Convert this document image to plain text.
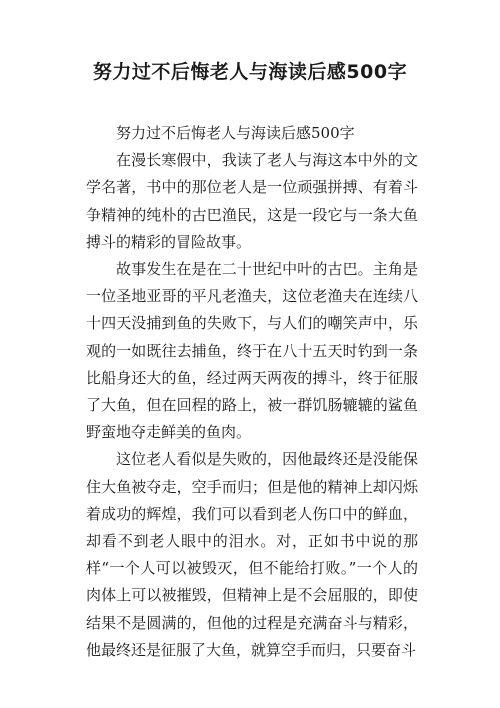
努力过不后悔老人与海读后感500字

努力过不后悔老人与海读后感500字

在漫长寒假中，我读了老人与海这本中外的文学名著，书中的那位老人是一位顽强拼搏、有着斗争精神的纯朴的古巴渔民，这是一段它与一条大鱼搏斗的精彩的冒险故事。

故事发生在是在二十世纪中叶的古巴。主角是一位圣地亚哥的平凡老渔夫，这位老渔夫在连续八十四天没捕到鱼的失败下，与人们的嘲笑声中，乐观的一如既往去捕鱼，终于在八十五天时钓到一条比船身还大的鱼，经过两天两夜的搏斗，终于征服了大鱼，但在回程的路上，被一群饥肠辘辘的鲨鱼野蛮地夺走鲜美的鱼肉。

这位老人看似是失败的，因他最终还是没能保住大鱼被夺走，空手而归；但是他的精神上却闪烁着成功的辉煌，我们可以看到老人伤口中的鲜血，却看不到老人眼中的泪水。对，正如书中说的那样“一个人可以被毁灭，但不能给打败。”一个人的肉体上可以被摧毁，但精神上是不会屈服的，即使结果不是圆满的，但他的过程是充满奋斗与精彩，他最终还是征服了大鱼，就算空手而归，只要奋斗
